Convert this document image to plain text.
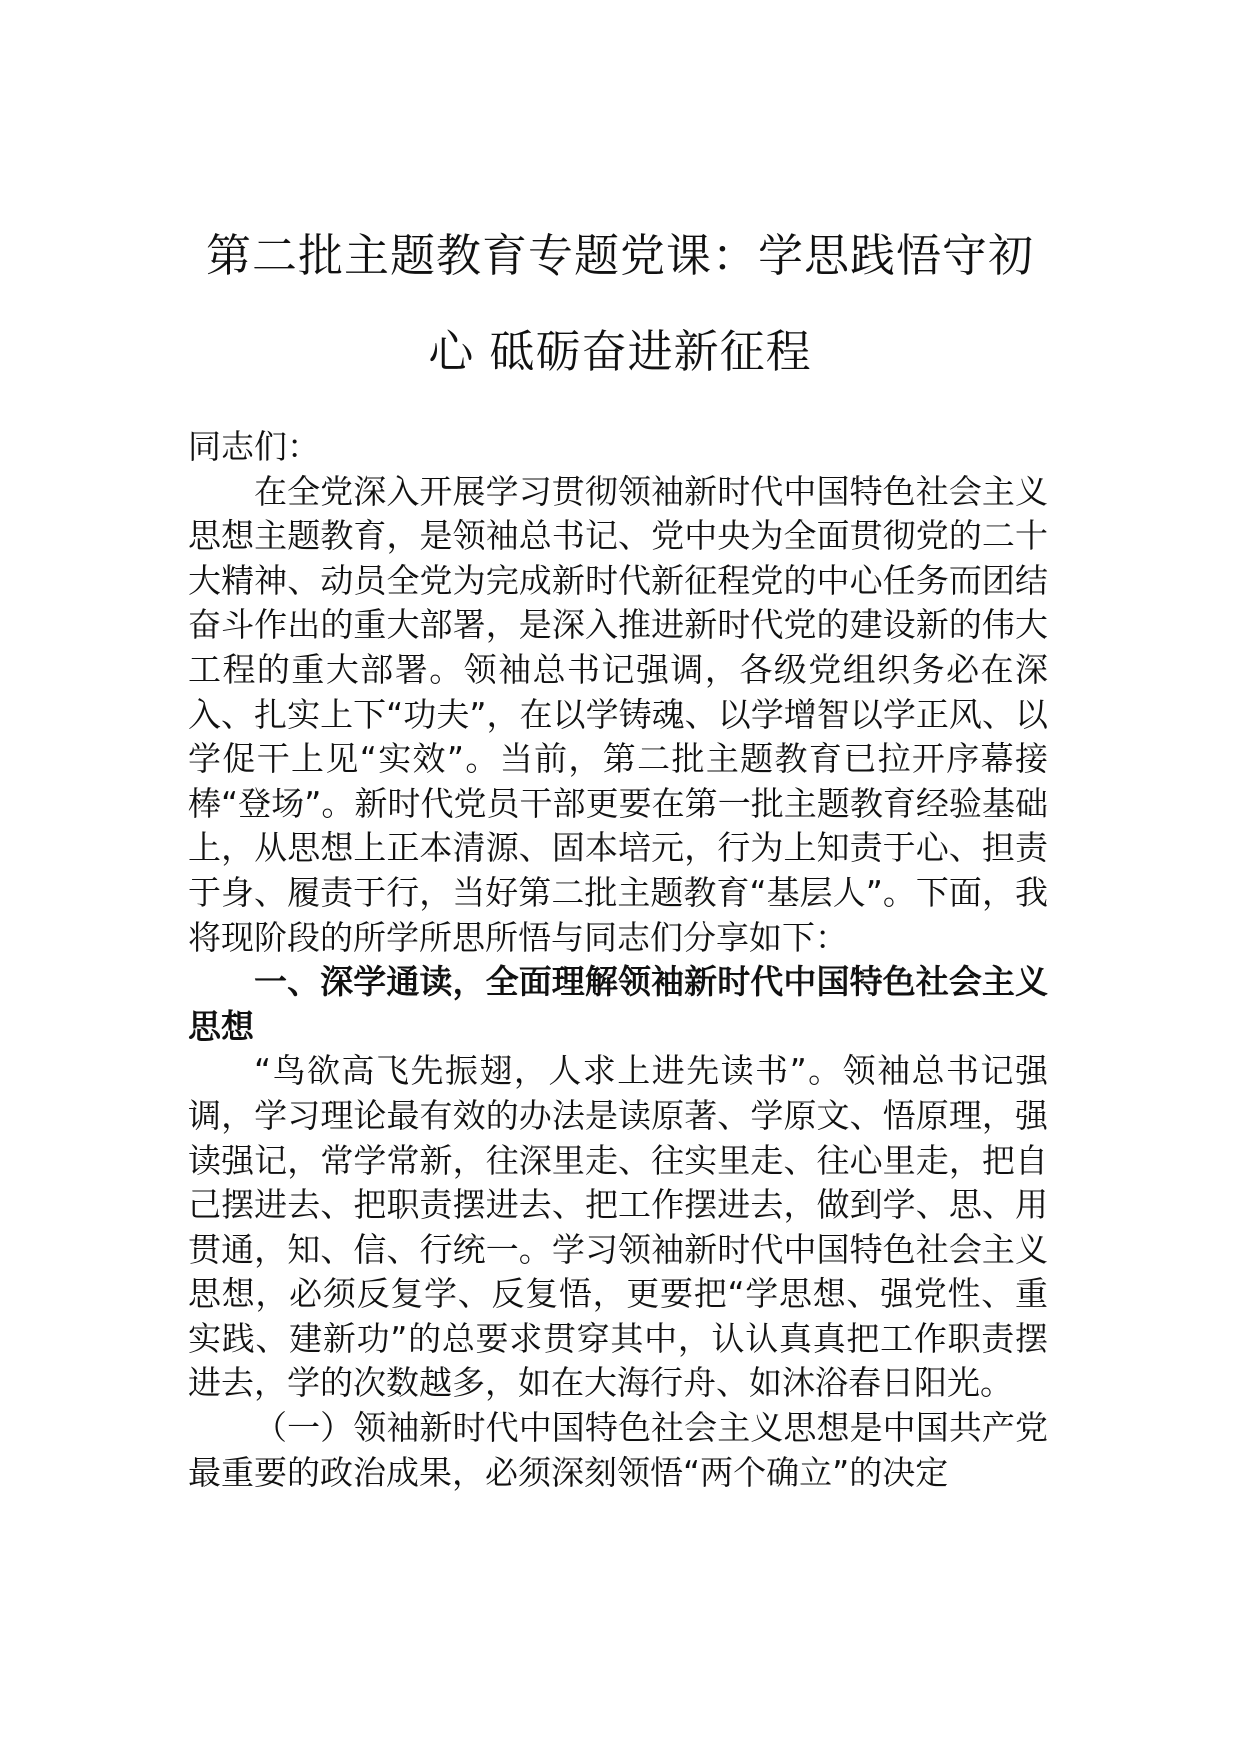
第二批主题教育专题党课：学思践悟守初
心 砥砺奋进新征程

同志们：

在全党深入开展学习贯彻领袖新时代中国特色社会主义思想主题教育，是领袖总书记、党中央为全面贯彻党的二十大精神、动员全党为完成新时代新征程党的中心任务而团结奋斗作出的重大部署，是深入推进新时代党的建设新的伟大工程的重大部署。领袖总书记强调，各级党组织务必在深入、扎实上下“功夫”，在以学铸魂、以学增智以学正风、以学促干上见“实效”。当前，第二批主题教育已拉开序幕接棒“登场”。新时代党员干部更要在第一批主题教育经验基础上，从思想上正本清源、固本培元，行为上知责于心、担责于身、履责于行，当好第二批主题教育“基层人”。下面，我将现阶段的所学所思所悟与同志们分享如下：

一、深学通读，全面理解领袖新时代中国特色社会主义思想

“鸟欲高飞先振翅，人求上进先读书”。领袖总书记强调，学习理论最有效的办法是读原著、学原文、悟原理，强读强记，常学常新，往深里走、往实里走、往心里走，把自己摆进去、把职责摆进去、把工作摆进去，做到学、思、用贯通，知、信、行统一。学习领袖新时代中国特色社会主义思想，必须反复学、反复悟，更要把“学思想、强党性、重实践、建新功”的总要求贯穿其中，认认真真把工作职责摆进去，学的次数越多，如在大海行舟、如沐浴春日阳光。

（一）领袖新时代中国特色社会主义思想是中国共产党最重要的政治成果，必须深刻领悟“两个确立”的决定
